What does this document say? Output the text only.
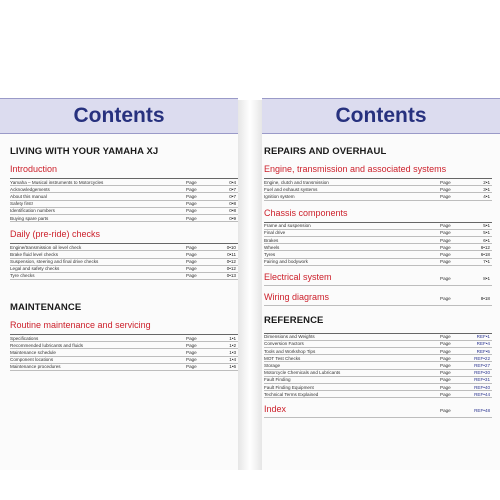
Contents	Contents
LIVING WITH YOUR YAMAHA XJ
Introduction
Yamaha – Musical instruments to Motorcycles	Page	0•4
Acknowledgements	Page	0•7
About this manual	Page	0•7
Safety first!	Page	0•8
Identification numbers	Page	0•8
Buying spare parts	Page	0•9
Daily (pre-ride) checks
Engine/transmission oil level check	Page	0•10
Brake fluid level checks	Page	0•11
Suspension, steering and final drive checks	Page	0•12
Legal and safety checks	Page	0•12
Tyre checks	Page	0•13
MAINTENANCE
Routine maintenance and servicing
Specifications	Page	1•1
Recommended lubricants and fluids	Page	1•2
Maintenance schedule	Page	1•3
Component locations	Page	1•4
Maintenance procedures	Page	1•6
REPAIRS AND OVERHAUL
Engine, transmission and associated systems
Engine, clutch and transmission	Page	2•1
Fuel and exhaust systems	Page	3•1
Ignition system	Page	4•1
Chassis components
Frame and suspension	Page	5•1
Final drive	Page	5•1
Brakes	Page	6•1
Wheels	Page	6•12
Tyres	Page	6•18
Fairing and bodywork	Page	7•1
Electrical system	Page	8•1
Wiring diagrams	Page	8•18
REFERENCE
Dimensions and Weights	Page	REF•1
Conversion Factors	Page	REF•4
Tools and Workshop Tips	Page	REF•5
MOT Test Checks	Page	REF•22
Storage	Page	REF•27
Motorcycle Chemicals and Lubricants	Page	REF•30
Fault Finding	Page	REF•31
Fault Finding Equipment	Page	REF•40
Technical Terms Explained	Page	REF•44
Index	Page	REF•48
